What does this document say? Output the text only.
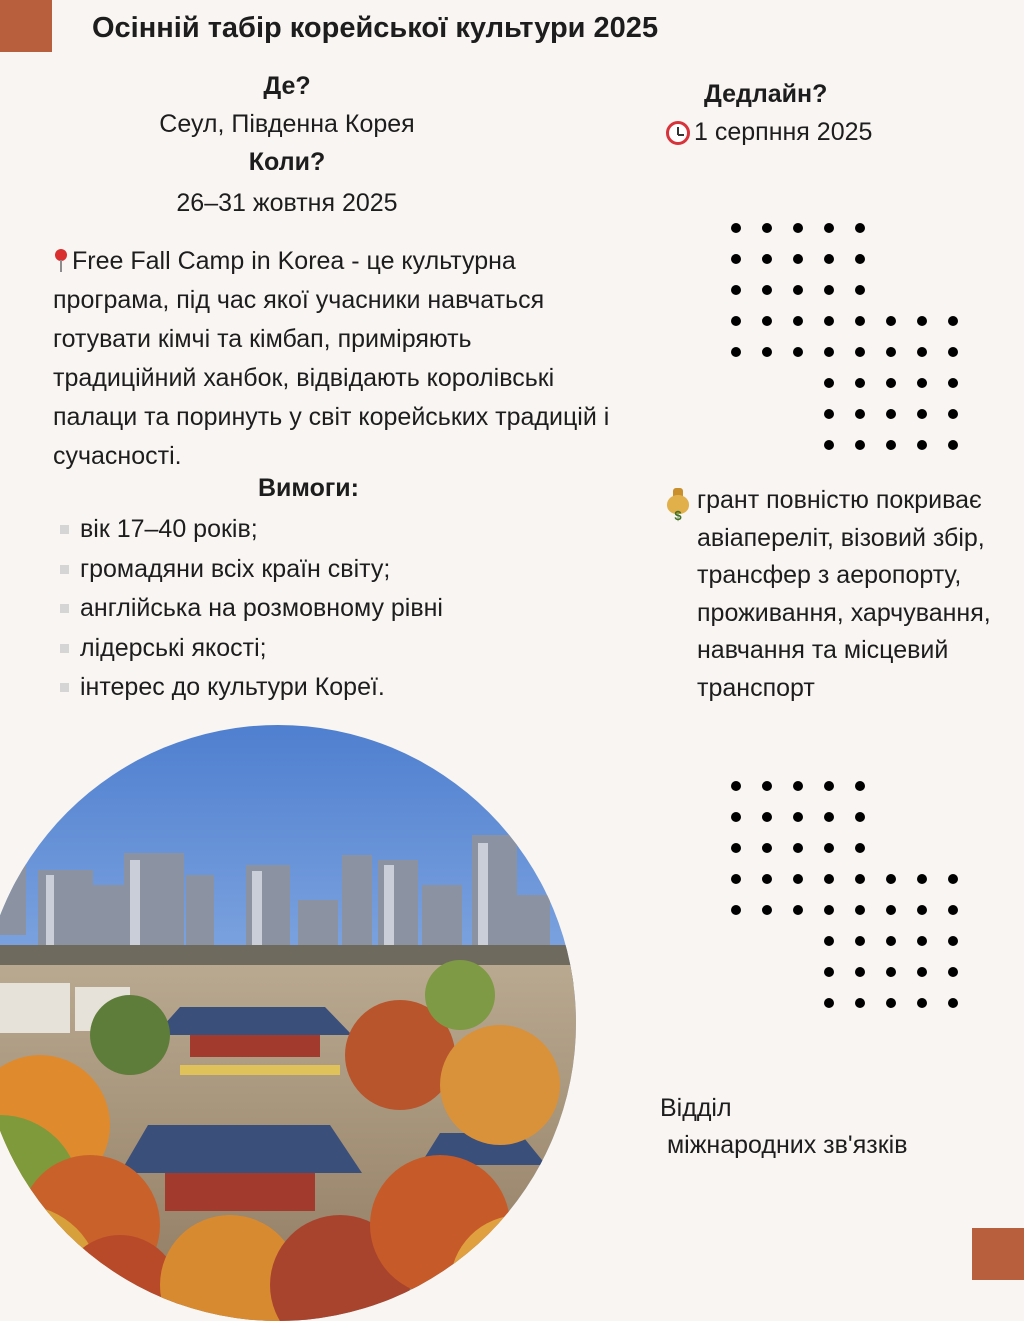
Осінній табір корейської культури 2025
Де?
Сеул, Південна Корея
Коли?
26–31 жовтня 2025
Дедлайн?
1 серпння 2025
Free Fall Camp in Korea - це культурна
програма, під час якої учасники навчаться
готувати кімчі та кімбап, приміряють
традиційний ханбок, відвідають королівські
палаци та поринуть у світ корейських традицій і
сучасності.
Вимоги:
вік 17–40 років;
громадяни всіх країн світу;
англійська на розмовному рівні
лідерські якості;
інтерес до культури Кореї.
$
грант повністю покриває
авіапереліт, візовий збір,
трансфер з аеропорту,
проживання, харчування,
навчання та місцевий
транспорт
Відділ
міжнародних зв'язків
